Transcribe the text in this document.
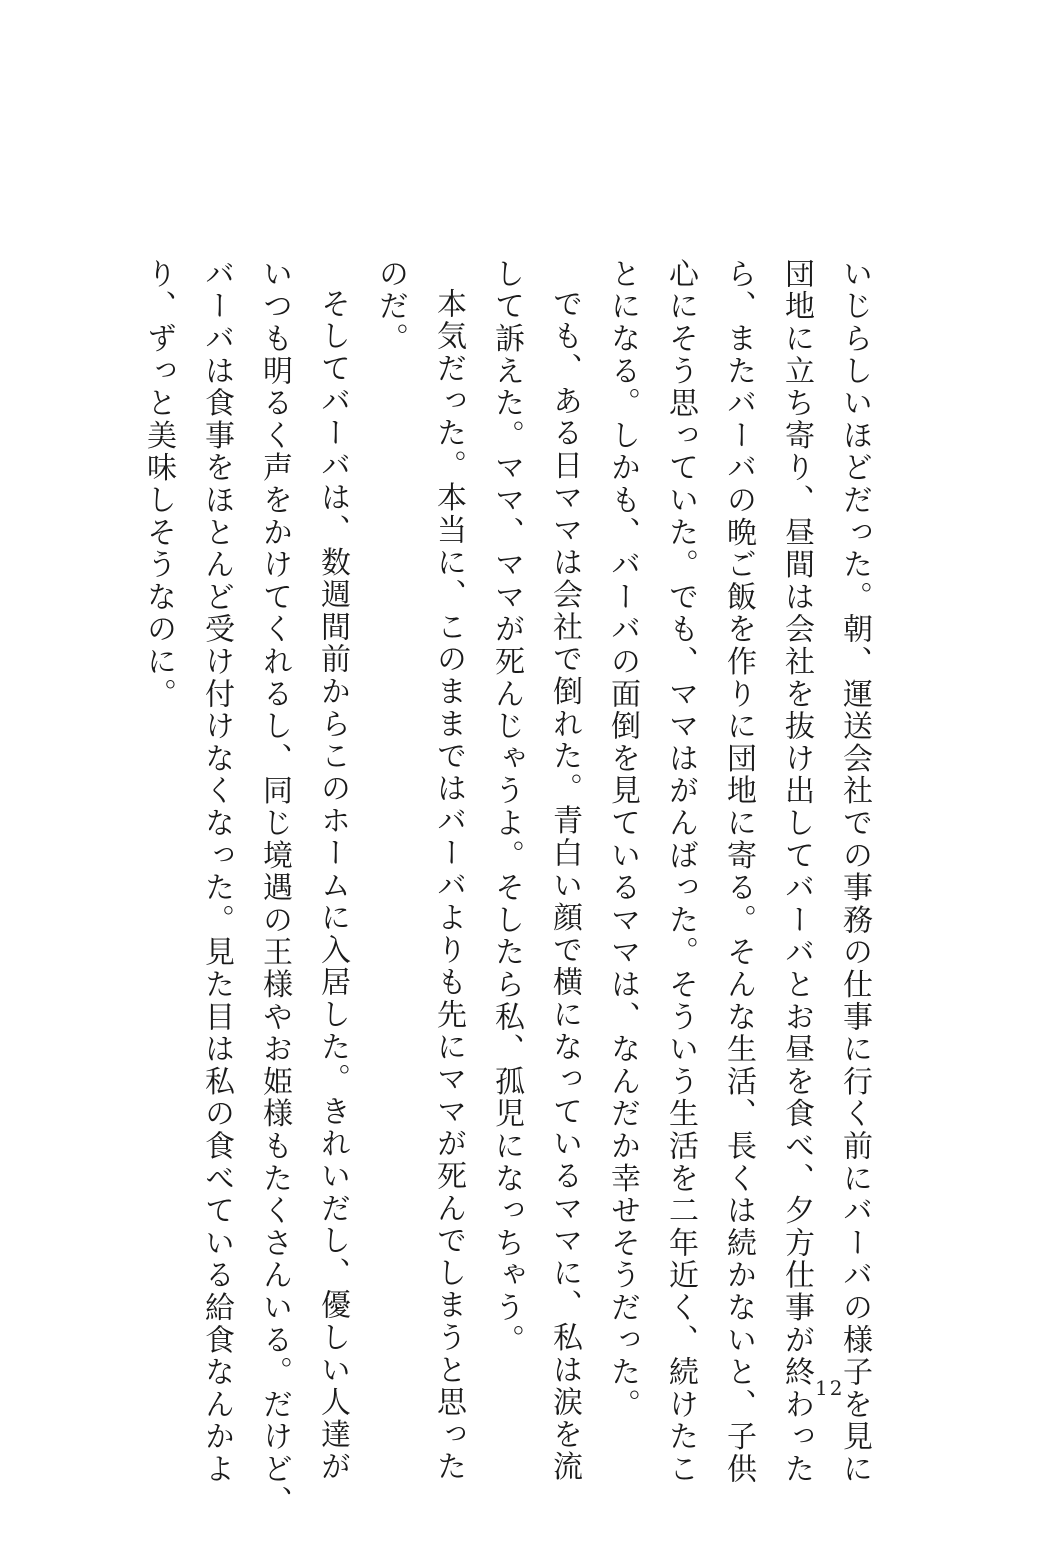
いじらしいほどだった。朝、運送会社での事務の仕事に行く前にバーバの様子を見に
団地に立ち寄り、昼間は会社を抜け出してバーバとお昼を食べ、夕方仕事が終わった
ら、またバーバの晩ご飯を作りに団地に寄る。そんな生活、長くは続かないと、子供
心にそう思っていた。でも、ママはがんばった。そういう生活を二年近く、続けたこ
とになる。しかも、バーバの面倒を見ているママは、なんだか幸せそうだった。
でも、ある日ママは会社で倒れた。青白い顔で横になっているママに、私は涙を流
して訴えた。ママ、ママが死んじゃうよ。そしたら私、孤児になっちゃう。
本気だった。本当に、このままではバーバよりも先にママが死んでしまうと思った
のだ。
そしてバーバは、数週間前からこのホームに入居した。きれいだし、優しい人達が
いつも明るく声をかけてくれるし、同じ境遇の王様やお姫様もたくさんいる。だけど、
バーバは食事をほとんど受け付けなくなった。見た目は私の食べている給食なんかよ
り、ずっと美味しそうなのに。
12
